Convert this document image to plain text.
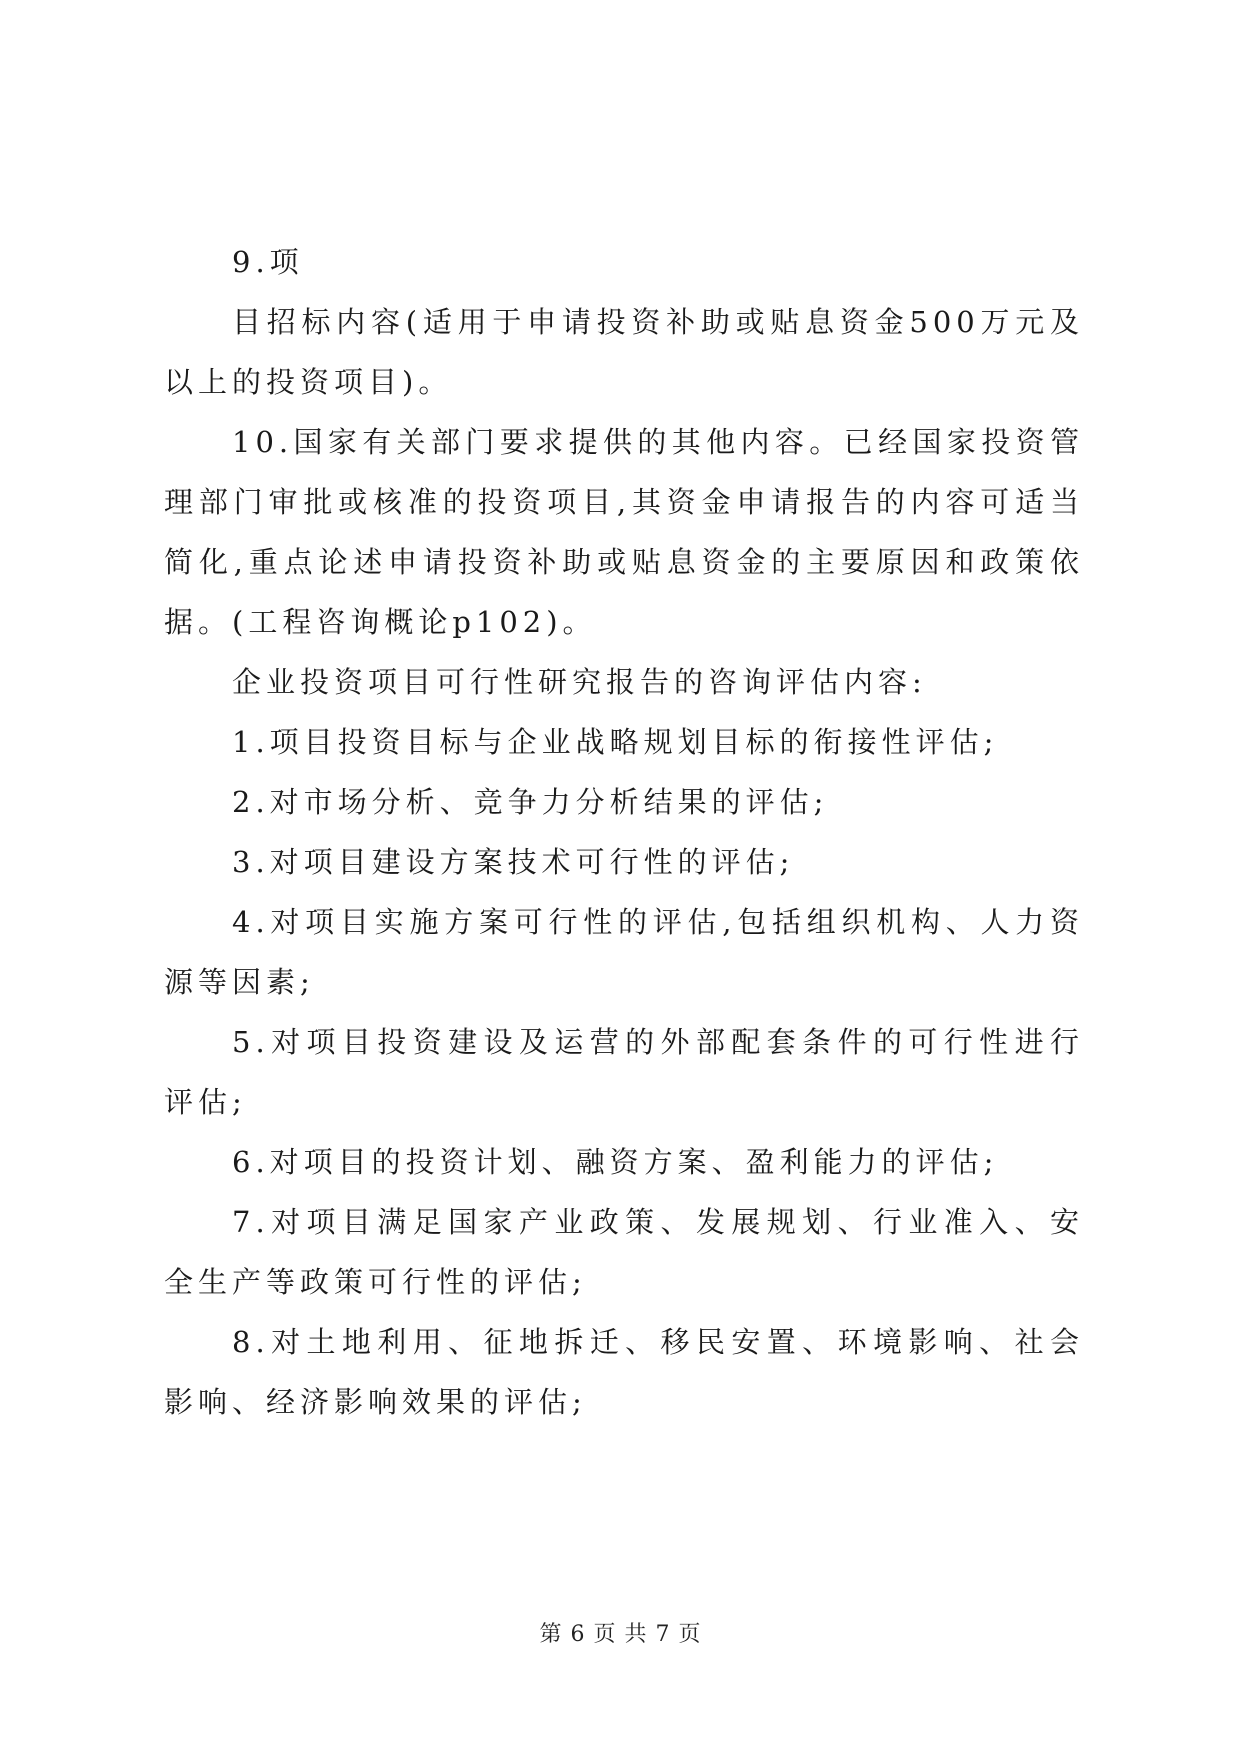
9.项

目招标内容(适用于申请投资补助或贴息资金500万元及以上的投资项目)。

10.国家有关部门要求提供的其他内容。已经国家投资管理部门审批或核准的投资项目,其资金申请报告的内容可适当简化,重点论述申请投资补助或贴息资金的主要原因和政策依据。(工程咨询概论p102)。

企业投资项目可行性研究报告的咨询评估内容:

1.项目投资目标与企业战略规划目标的衔接性评估;

2.对市场分析、竞争力分析结果的评估;

3.对项目建设方案技术可行性的评估;

4.对项目实施方案可行性的评估,包括组织机构、人力资源等因素;

5.对项目投资建设及运营的外部配套条件的可行性进行评估;

6.对项目的投资计划、融资方案、盈利能力的评估;

7.对项目满足国家产业政策、发展规划、行业准入、安全生产等政策可行性的评估;

8.对土地利用、征地拆迁、移民安置、环境影响、社会影响、经济影响效果的评估;

第 6 页 共 7 页
